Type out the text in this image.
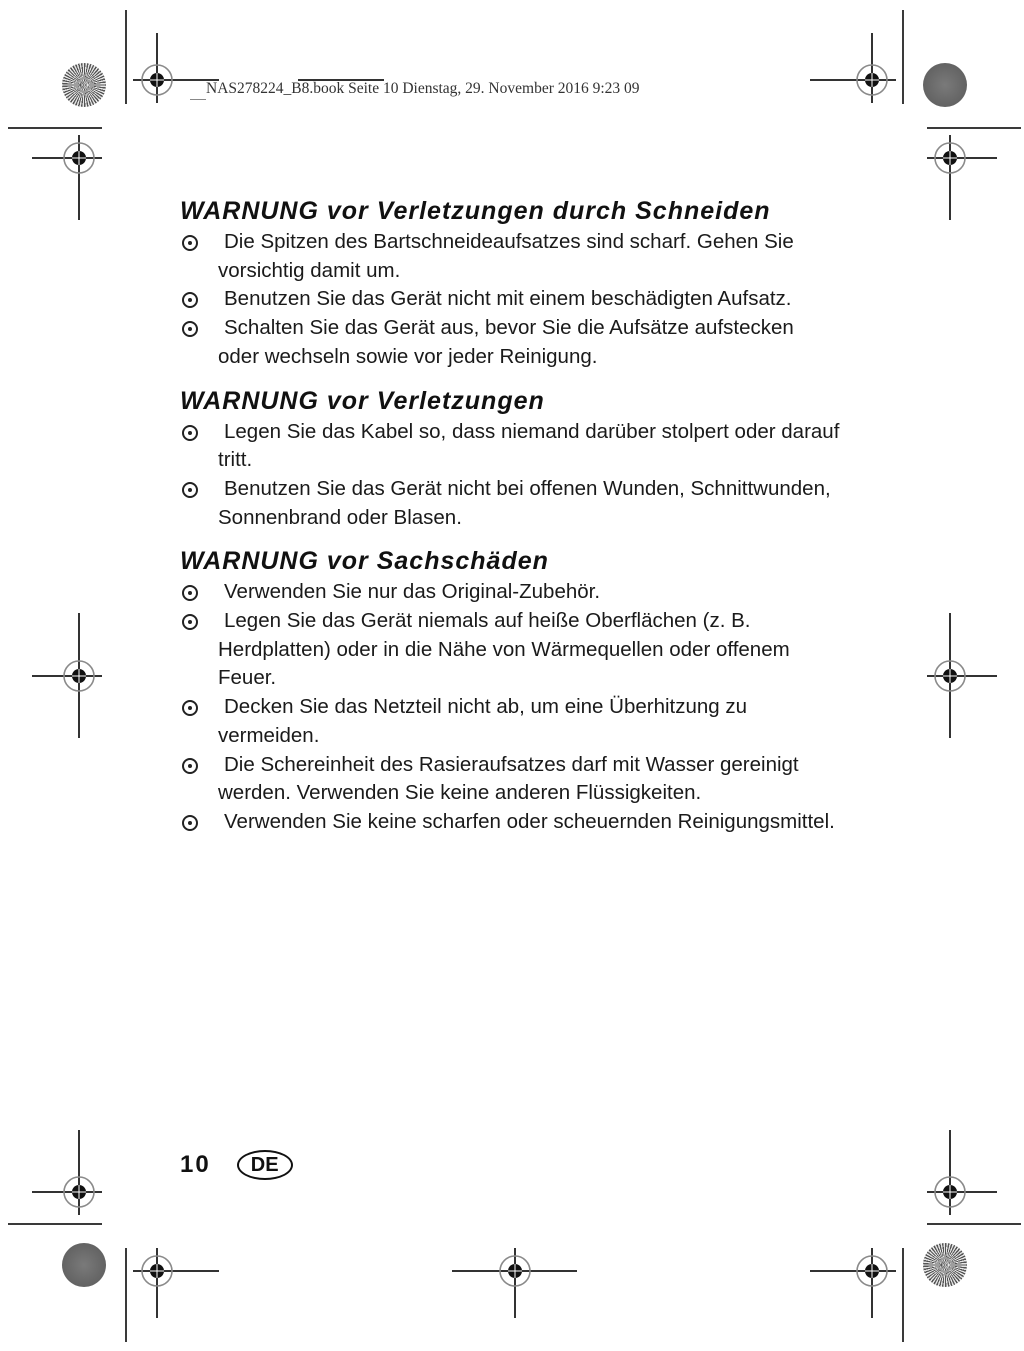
NAS278224_B8.book Seite 10 Dienstag, 29. November 2016 9:23 09
WARNUNG vor Verletzungen durch Schneiden
Die Spitzen des Bartschneideaufsatzes sind scharf. Gehen Sie vorsichtig damit um.
Benutzen Sie das Gerät nicht mit einem beschädigten Aufsatz.
Schalten Sie das Gerät aus, bevor Sie die Aufsätze aufstecken oder wechseln sowie vor jeder Reinigung.
WARNUNG vor Verletzungen
Legen Sie das Kabel so, dass niemand darüber stolpert oder darauf tritt.
Benutzen Sie das Gerät nicht bei offenen Wunden, Schnittwunden, Sonnenbrand oder Blasen.
WARNUNG vor Sachschäden
Verwenden Sie nur das Original-Zubehör.
Legen Sie das Gerät niemals auf heiße Oberflächen (z. B. Herdplatten) oder in die Nähe von Wärmequellen oder offenem Feuer.
Decken Sie das Netzteil nicht ab, um eine Überhitzung zu vermeiden.
Die Schereinheit des Rasieraufsatzes darf mit Wasser gereinigt werden. Verwenden Sie keine anderen Flüssigkeiten.
Verwenden Sie keine scharfen oder scheuernden Reinigungsmittel.
10	DE
